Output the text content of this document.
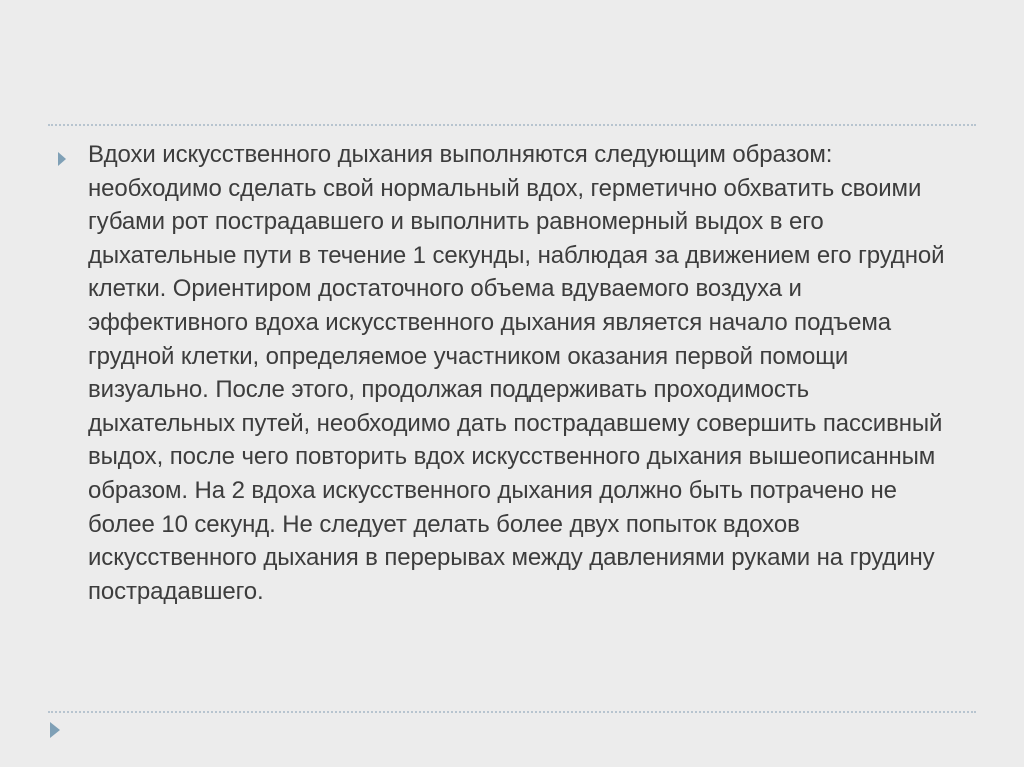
Вдохи искусственного дыхания выполняются следующим образом: необходимо сделать свой нормальный вдох, герметично обхватить своими губами рот пострадавшего и выполнить равномерный выдох в его дыхательные пути в течение 1 секунды, наблюдая за движением его грудной клетки. Ориентиром достаточного объема вдуваемого воздуха и эффективного вдоха искусственного дыхания является начало подъема грудной клетки, определяемое участником оказания первой помощи визуально. После этого, продолжая поддерживать проходимость дыхательных путей, необходимо дать пострадавшему совершить пассивный выдох, после чего повторить вдох искусственного дыхания вышеописанным образом. На 2 вдоха искусственного дыхания должно быть потрачено не более 10 секунд. Не следует делать более двух попыток вдохов искусственного дыхания в перерывах между давлениями руками на грудину пострадавшего.
